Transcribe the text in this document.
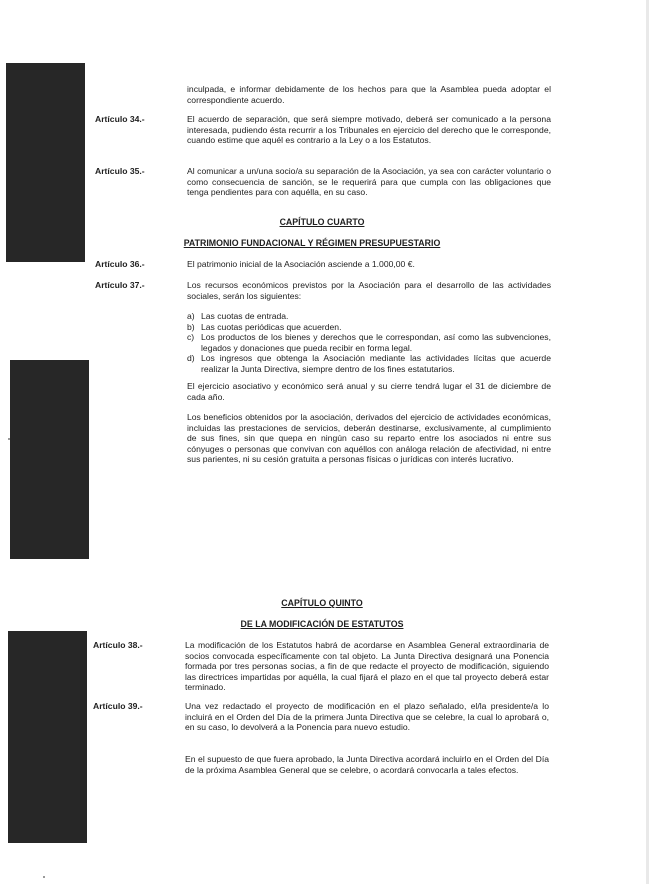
inculpada, e informar debidamente de los hechos para que la Asamblea pueda adoptar el correspondiente acuerdo.

Artículo 34.-	El acuerdo de separación, que será siempre motivado, deberá ser comunicado a la persona interesada, pudiendo ésta recurrir a los Tribunales en ejercicio del derecho que le corresponde, cuando estime que aquél es contrario a la Ley o a los Estatutos.

Artículo 35.-	Al comunicar a un/una socio/a su separación de la Asociación, ya sea con carácter voluntario o como consecuencia de sanción, se le requerirá para que cumpla con las obligaciones que tenga pendientes para con aquélla, en su caso.

CAPÍTULO CUARTO

PATRIMONIO FUNDACIONAL Y RÉGIMEN PRESUPUESTARIO

Artículo 36.-	El patrimonio inicial de la Asociación asciende a 1.000,00 €.

Artículo 37.-	Los recursos económicos previstos por la Asociación para el desarrollo de las actividades sociales, serán los siguientes:

a) Las cuotas de entrada.
b) Las cuotas periódicas que acuerden.
c) Los productos de los bienes y derechos que le correspondan, así como las subvenciones, legados y donaciones que pueda recibir en forma legal.
d) Los ingresos que obtenga la Asociación mediante las actividades lícitas que acuerde realizar la Junta Directiva, siempre dentro de los fines estatutarios.

El ejercicio asociativo y económico será anual y su cierre tendrá lugar el 31 de diciembre de cada año.

Los beneficios obtenidos por la asociación, derivados del ejercicio de actividades económicas, incluidas las prestaciones de servicios, deberán destinarse, exclusivamente, al cumplimiento de sus fines, sin que quepa en ningún caso su reparto entre los asociados ni entre sus cónyuges o personas que convivan con aquéllos con análoga relación de afectividad, ni entre sus parientes, ni su cesión gratuita a personas físicas o jurídicas con interés lucrativo.

CAPÍTULO QUINTO

DE LA MODIFICACIÓN DE ESTATUTOS

Artículo 38.-	La modificación de los Estatutos habrá de acordarse en Asamblea General extraordinaria de socios convocada específicamente con tal objeto. La Junta Directiva designará una Ponencia formada por tres personas socias, a fin de que redacte el proyecto de modificación, siguiendo las directrices impartidas por aquélla, la cual fijará el plazo en el que tal proyecto deberá estar terminado.

Artículo 39.-	Una vez redactado el proyecto de modificación en el plazo señalado, el/la presidente/a lo incluirá en el Orden del Día de la primera Junta Directiva que se celebre, la cual lo aprobará o, en su caso, lo devolverá a la Ponencia para nuevo estudio.

En el supuesto de que fuera aprobado, la Junta Directiva acordará incluirlo en el Orden del Día de la próxima Asamblea General que se celebre, o acordará convocarla a tales efectos.
